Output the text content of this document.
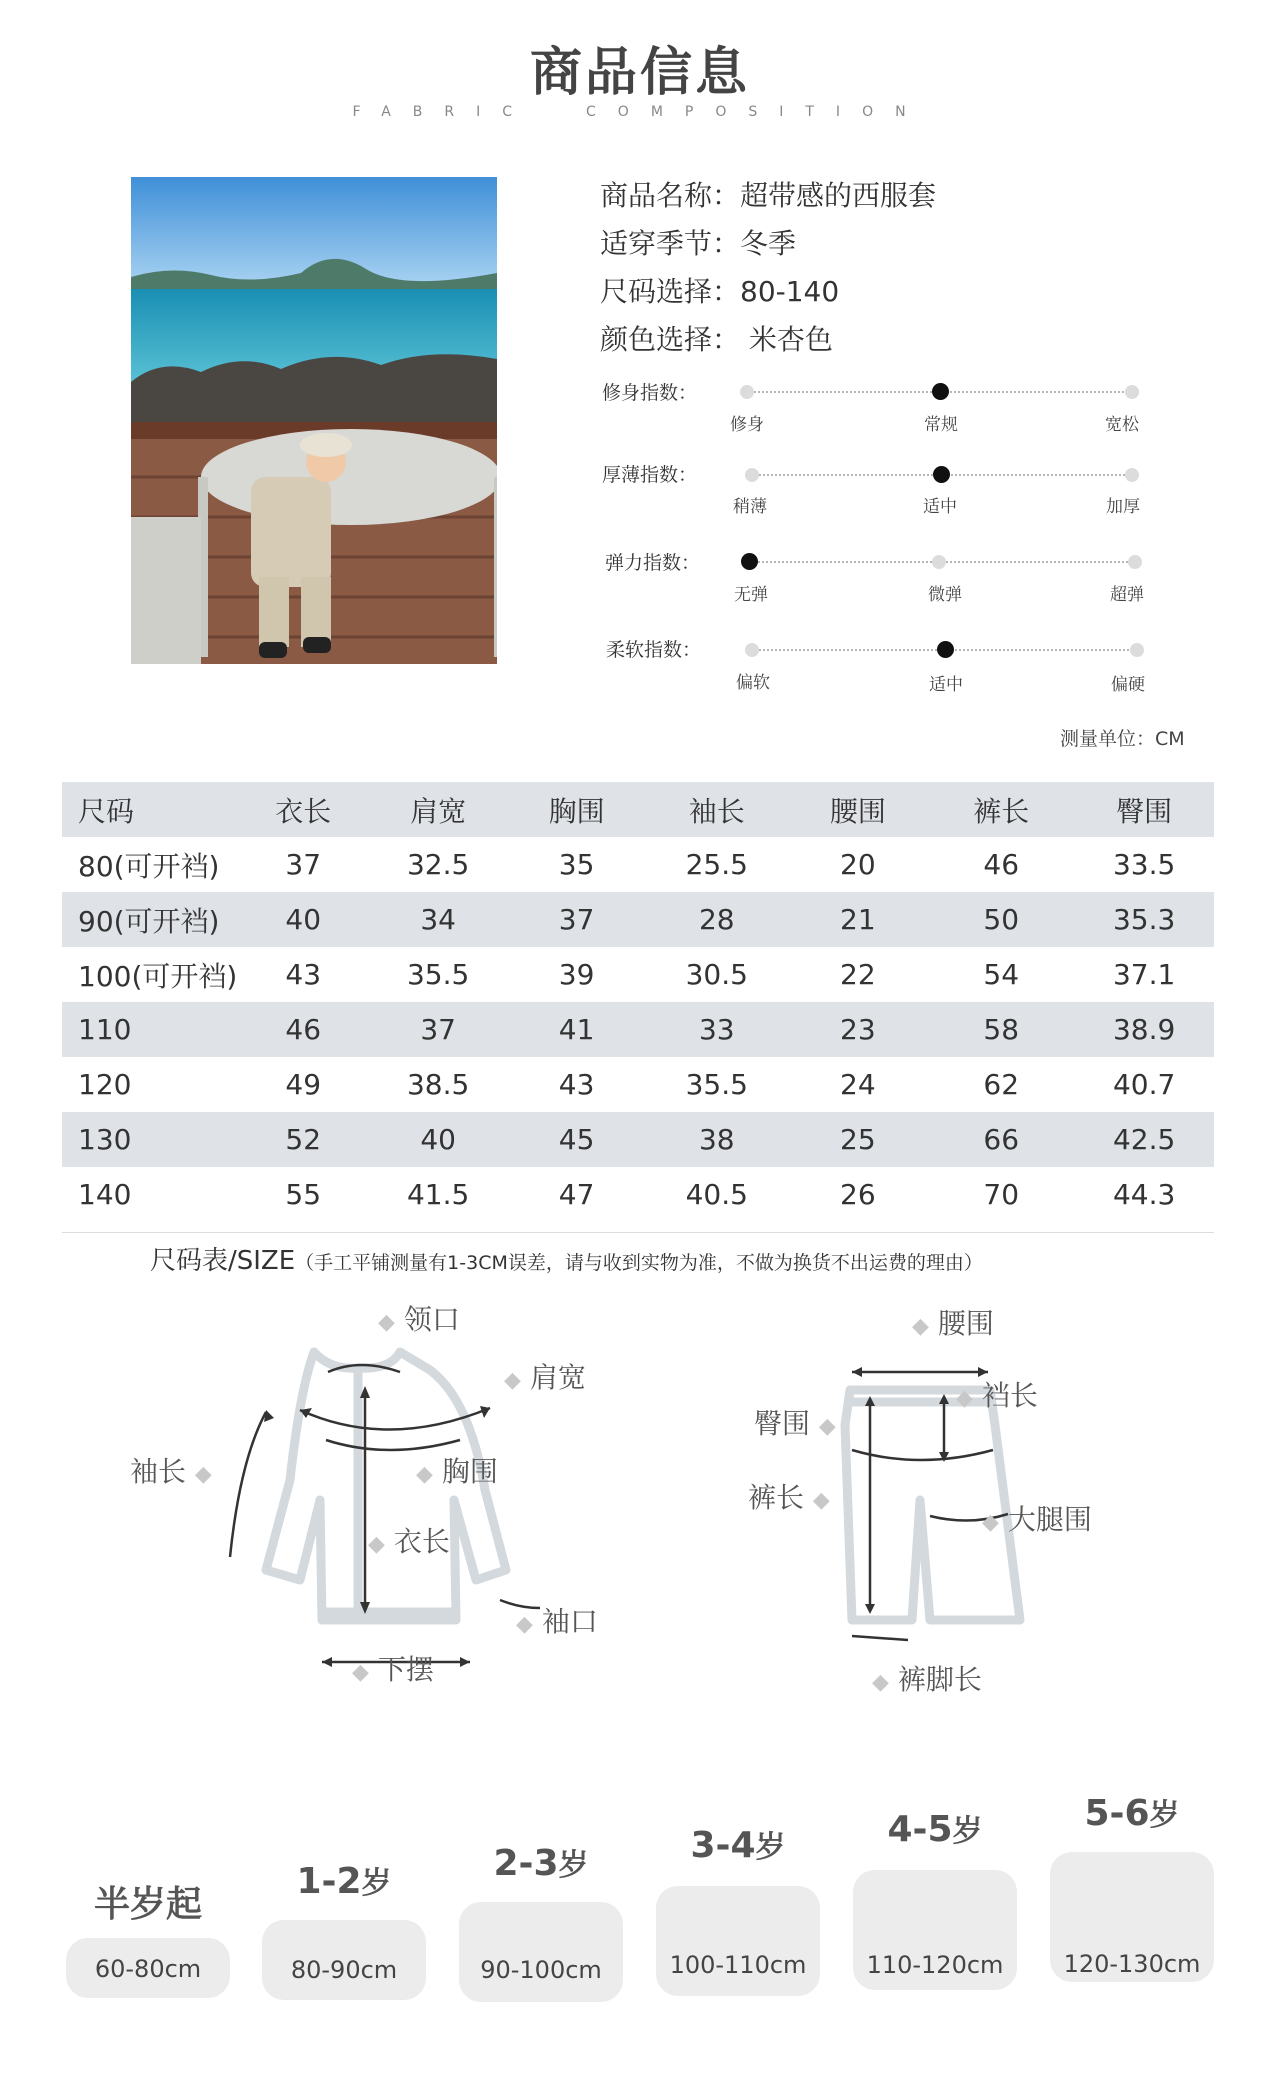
商品信息
FABRIC	COMPOSITION
商品名称：超带感的西服套
适穿季节：冬季
尺码选择：80-140
颜色选择： 米杏色
修身指数：
修身	常规	宽松
厚薄指数：
稍薄	适中	加厚
弹力指数：
无弹	微弹	超弹
柔软指数：
偏软	适中	偏硬
测量单位：CM
尺码	衣长	肩宽	胸围	袖长	腰围	裤长	臀围
80(可开裆)	37	32.5	35	25.5	20	46	33.5
90(可开裆)	40	34	37	28	21	50	35.3
100(可开裆)	43	35.5	39	30.5	22	54	37.1
110	46	37	41	33	23	58	38.9
120	49	38.5	43	35.5	24	62	40.7
130	52	40	45	38	25	66	42.5
140	55	41.5	47	40.5	26	70	44.3
尺码表/SIZE（手工平铺测量有1-3CM误差，请与收到实物为准，不做为换货不出运费的理由）
◆ 领口
◆ 肩宽
袖长 ◆	◆ 胸围
◆ 衣长
◆ 袖口
◆ 下摆
◆ 腰围
◆ 裆长
臀围 ◆
裤长 ◆
◆ 大腿围
◆ 裤脚长
半岁起
60-80cm
1-2岁
80-90cm
2-3岁
90-100cm
3-4岁
100-110cm
4-5岁
110-120cm
5-6岁
120-130cm
